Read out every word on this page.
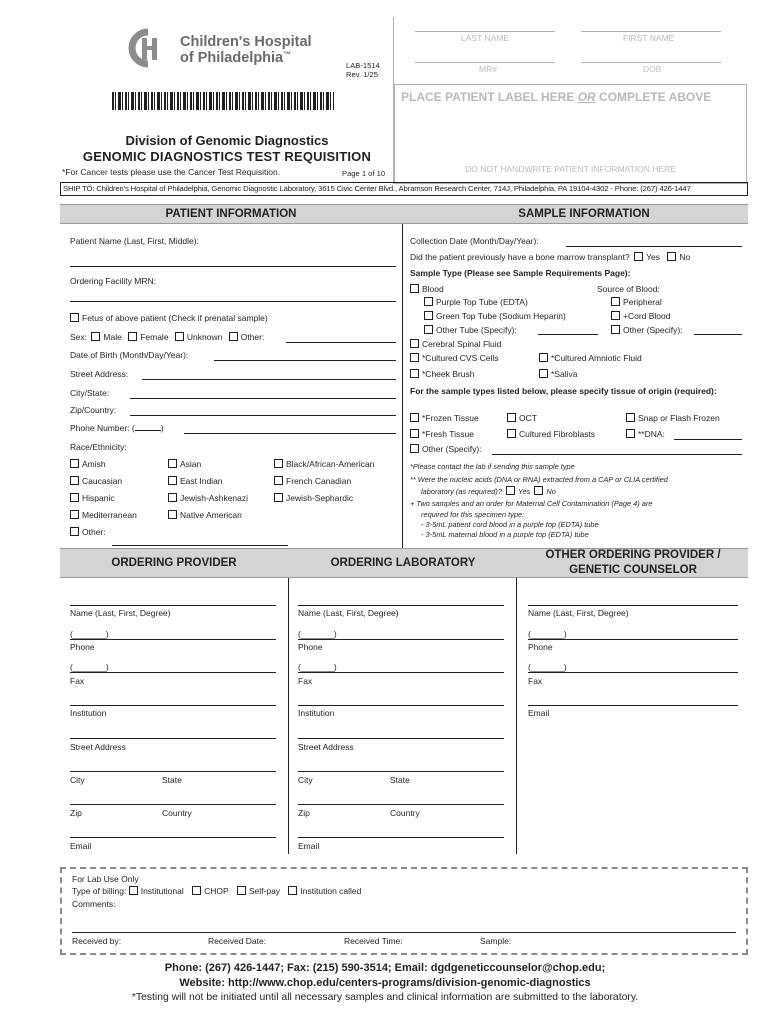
Children's Hospital
of Philadelphia™
LAB-1514
Rev. 1/25
Division of Genomic Diagnostics
GENOMIC DIAGNOSTICS TEST REQUISITION
*For Cancer tests please use the Cancer Test Requisition.	Page 1 of 10
LAST NAME	FIRST NAME
MR#	DOB
PLACE PATIENT LABEL HERE OR COMPLETE ABOVE
DO NOT HANDWRITE PATIENT INFORMATION HERE
SHIP TO: Children's Hospital of Philadelphia, Genomic Diagnostic Laboratory, 3615 Civic Center Blvd., Abramson Research Center, 714J, Philadelphia, PA 19104-4302 - Phone: (267) 426-1447
PATIENT INFORMATION	SAMPLE INFORMATION
Patient Name (Last, First, Middle):
Ordering Facility MRN:
Fetus of above patient (Check if prenatal sample)
Sex: Male Female Unknown Other:
Date of Birth (Month/Day/Year):
Street Address:
City/State:
Zip/Country:
Phone Number: (	)
Race/Ethnicity:
Amish	Asian	Black/African-American
Caucasian	East Indian	French Canadian
Hispanic	Jewish-Ashkenazi	Jewish-Sephardic
Mediterranean	Native American
Other:
Collection Date (Month/Day/Year):
Did the patient previously have a bone marrow transplant? Yes No
Sample Type (Please see Sample Requirements Page):
Blood	Source of Blood:
Purple Top Tube (EDTA)	Peripheral
Green Top Tube (Sodium Heparin)	+Cord Blood
Other Tube (Specify):	Other (Specify):
Cerebral Spinal Fluid
*Cultured CVS Cells	*Cultured Amniotic Fluid
*Cheek Brush	*Saliva
For the sample types listed below, please specify tissue of origin (required):
*Frozen Tissue	OCT	Snap or Flash Frozen
*Fresh Tissue	Cultured Fibroblasts	**DNA:
Other (Specify):
*Please contact the lab if sending this sample type
** Were the nucleic acids (DNA or RNA) extracted from a CAP or CLIA certified
laboratory (as required)? Yes No
+ Two samples and an order for Maternal Cell Contamination (Page 4) are
required for this specimen type:
- 3-5mL patient cord blood in a purple top (EDTA) tube
- 3-5mL maternal blood in a purple top (EDTA) tube
ORDERING PROVIDER	ORDERING LABORATORY
OTHER ORDERING PROVIDER /
GENETIC COUNSELOR
Name (Last, First, Degree)
(_______)
Phone
(_______)
Fax
Institution
Street Address
City	State
Zip	Country
Email
Name (Last, First, Degree)
(_______)
Phone
(_______)
Fax
Institution
Street Address
City	State
Zip	Country
Email
Name (Last, First, Degree)
(_______)
Phone
(_______)
Fax
Email
For Lab Use Only
Type of billing: Institutional CHOP Self-pay Institution called
Comments:
Received by:	Received Date:	Received Time:	Sample:
Phone: (267) 426-1447; Fax: (215) 590-3514; Email: dgdgeneticcounselor@chop.edu;
Website: http://www.chop.edu/centers-programs/division-genomic-diagnostics
*Testing will not be initiated until all necessary samples and clinical information are submitted to the laboratory.
